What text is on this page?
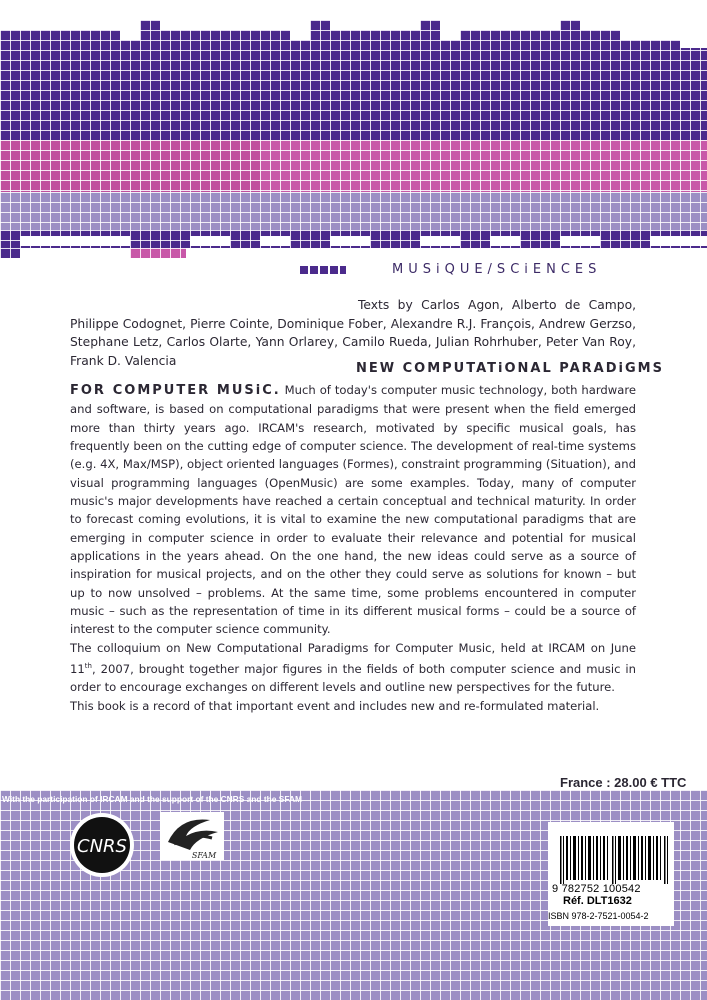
MUSiQUE/SCiENCES
Texts by Carlos Agon, Alberto de Campo, Philippe Codognet, Pierre Cointe, Dominique Fober, Alexandre R.J. François, Andrew Gerzso, Stephane Letz, Carlos Olarte, Yann Orlarey, Camilo Rueda, Julian Rohrhuber, Peter Van Roy, Frank D. Valencia
NEW COMPUTATiONAL PARADiGMS

FOR COMPUTER MUSiC. Much of today's computer music technology, both hardware and software, is based on computational paradigms that were present when the field emerged more than thirty years ago. IRCAM's research, motivated by specific musical goals, has frequently been on the cutting edge of computer science. The development of real-time systems (e.g. 4X, Max/MSP), object oriented languages (Formes), constraint programming (Situation), and visual programming languages (OpenMusic) are some examples. Today, many of computer music's major developments have reached a certain conceptual and technical maturity. In order to forecast coming evolutions, it is vital to examine the new computational paradigms that are emerging in computer science in order to evaluate their relevance and potential for musical applications in the years ahead. On the one hand, the new ideas could serve as a source of inspiration for musical projects, and on the other they could serve as solutions for known – but up to now unsolved – problems. At the same time, some problems encountered in computer music – such as the representation of time in its different musical forms – could be a source of interest to the computer science community.

The colloquium on New Computational Paradigms for Computer Music, held at IRCAM on June 11th, 2007, brought together major figures in the fields of both computer science and music in order to encourage exchanges on different levels and outline new perspectives for the future.

This book is a record of that important event and includes new and re-formulated material.

France : 28.00 € TTC
With the participation of IRCAM and the support of the CNRS and the SFAM
CNRS	SFAM
9 782752 100542
Réf. DLT1632
ISBN 978-2-7521-0054-2
